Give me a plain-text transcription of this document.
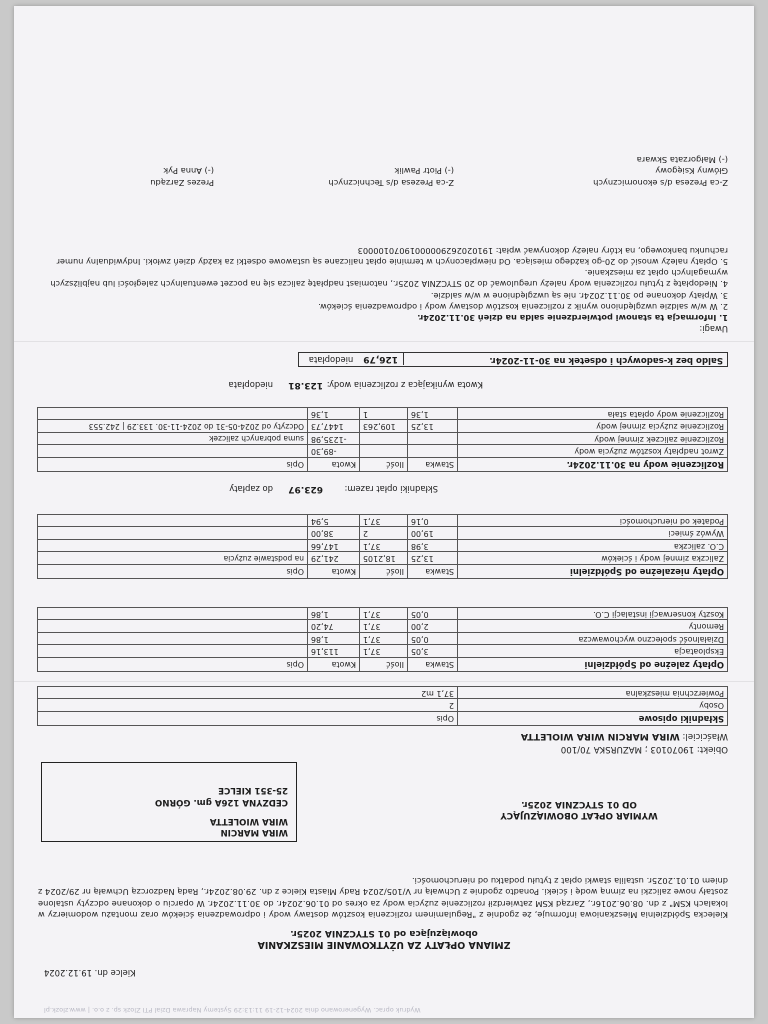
Wydruk oprac. Wygenerowano dnia 2024-12-19 11:13:29 Systemy Naprawa Dzial PTI Zlozk sp. z o.o. | www.zlozk.pl
Kielce dn. 19.12.2024
ZMIANA OPŁATY ZA UŻYTKOWANIE MIESZKANIA
obowiązująca od 01 STYCZNIA 2025r.
Kielecka Spółdzielnia Mieszkaniowa informuje, że zgodnie z "Regulaminem rozliczenia kosztów dostawy wody i odprowadzenia ścieków oraz montażu wodomierzy w lokalach KSM" z dn. 08.06.2016r., Zarząd KSM zatwierdził rozliczenie zużycia wody za okres od 01.06.2024r. do 30.11.2024r. W oparciu o dokonane odczyty ustalone zostały nowe zaliczki na zimną wodę i ścieki. Ponadto zgodnie z Uchwałą nr V/105/2024 Rady Miasta Kielce z dn. 29.08.2024r., Radą Nadzorczą Uchwałą nr 29/2024 z dniem 01.01.2025r. ustalila stawki opłat z tytułu podatku od nieruchomości.
WYMIAR OPŁAT OBOWIĄZUJĄCY
OD 01 STYCZNIA 2025r.
WIRA MARCIN
WIRA WIOLETTA
CEDZYNA 126A gm. GÓRNO
25-351 KIELCE
Obiekt: 19070103 ; MAZURSKA 70/100
Właściciel: WIRA MARCIN WIRA WIOLETTA
Składniki opisowe	Opis
Osoby	2
Powierzchnia mieszkalna	37,1 m2
Opłaty zależne od Spółdzielni	Stawka	Ilość	Kwota	Opis
Eksploatacja	3,05	37,1	113,16	
Działalność społeczno wychowawcza	0,05	37,1	1,86	
Remonty	2,00	37,1	74,20	
Koszty konserwacji instalacji C.O.	0,05	37,1	1,86	
Opłaty niezależne od Spółdzielni	Stawka	Ilość	Kwota	Opis
Zaliczka zimnej wody i ścieków	13,25	18,2105	241,29	na podstawie zużycia
C.O. zaliczka	3,98	37,1	147,66	
Wywóz śmieci	19,00	2	38,00	
Podatek od nieruchomości	0,16	37,1	5,94	
Składniki opłat razem:
623.97
do zapłaty
Rozliczenie wody na 30.11.2024r.	Stawka	Ilość	Kwota	Opis
Zwrot nadpłaty kosztów zużycia wody			-89,30	
Rozliczenie zaliczek zimnej wody			-1235,98	suma pobranych zaliczek
Rozliczenie zużycia zimnej wody	13,25	109,263	1447,73	Odczyty od 2024-05-31 do 2024-11-30. 133.29 | 242.553
Rozliczenie wody opłata stała	1,36	1	1,36	
Kwota wynikająca z rozliczenia wody:
123.81
niedopłata
Saldo bez k-sadowych i odsetek na 30-11-2024r.
126,79niedopłata

Uwagi:

1. Informacja ta stanowi potwierdzenie salda na dzień 30.11.2024r.

2. W w/w saldzie uwzględniono wynik z rozliczenia kosztów dostawy wody i odprowadzenia ścieków.

3. Wpłaty dokonane po 30.11.2024r. nie są uwzględnione w w/w saldzie.

4. Niedopłatę z tytułu rozliczenia wody należy uregulować do 20 STYCZNIA 2025r., natomiast nadpłatę zalicza się na poczet ewentualnych zaległości lub najbliższych wymagalnych opłat za mieszkanie.

5. Opłaty należy wnosić do 20-go każdego miesiąca. Od niewpłaconych w terminie opłat naliczane są ustawowe odsetki za każdy dzień zwłoki. Indywidualny numer rachunku bankowego, na który należy dokonywać wpłat: 19102026290000019070100003

Z-ca Prezesa d/s ekonomicznych
Główny Księgowy
(-) Małgorzata Skwara
Z-ca Prezesa d/s Technicznych
(-) Piotr Pawlik
Prezes Zarządu
(-) Anna Pyk
